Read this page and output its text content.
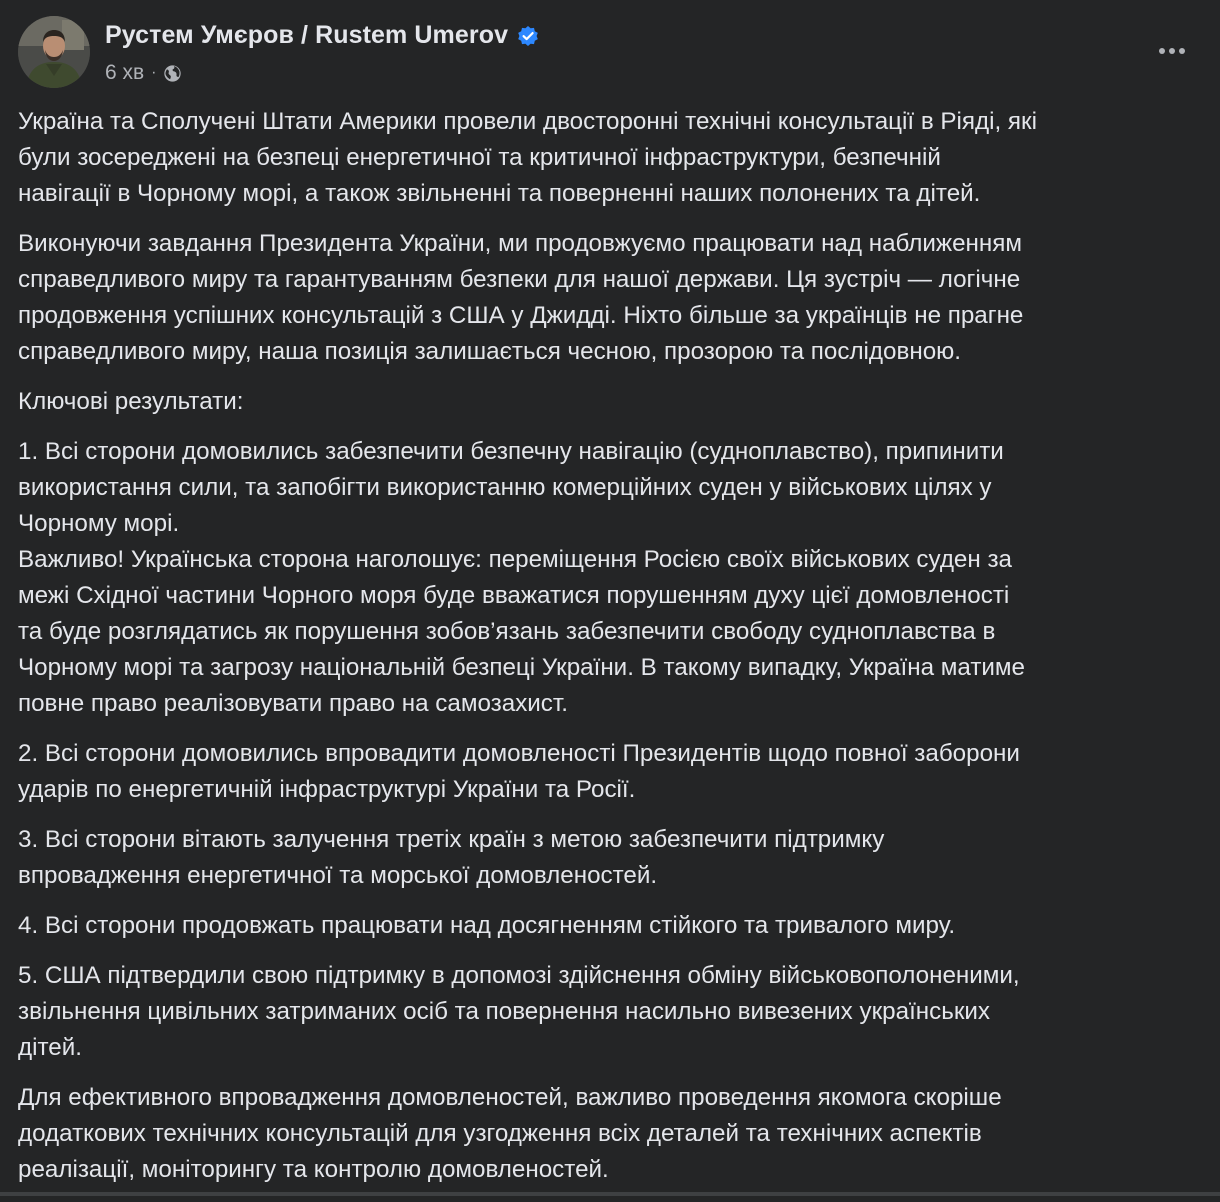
Рустем Умєров / Rustem Umerov
6 хв ·

Україна та Сполучені Штати Америки провели двосторонні технічні консультації в Ріяді, які
були зосереджені на безпеці енергетичної та критичної інфраструктури, безпечній
навігації в Чорному морі, а також звільненні та поверненні наших полонених та дітей.

Виконуючи завдання Президента України, ми продовжуємо працювати над наближенням
справедливого миру та гарантуванням безпеки для нашої держави. Ця зустріч — логічне
продовження успішних консультацій з США у Джидді. Ніхто більше за українців не прагне
справедливого миру, наша позиція залишається чесною, прозорою та послідовною.

Ключові результати:

1. Всі сторони домовились забезпечити безпечну навігацію (судноплавство), припинити
використання сили, та запобігти використанню комерційних суден у військових цілях у
Чорному морі.
Важливо! Українська сторона наголошує: переміщення Росією своїх військових суден за
межі Східної частини Чорного моря буде вважатися порушенням духу цієї домовленості
та буде розглядатись як порушення зобов’язань забезпечити свободу судноплавства в
Чорному морі та загрозу національній безпеці України. В такому випадку, Україна матиме
повне право реалізовувати право на самозахист.

2. Всі сторони домовились впровадити домовленості Президентів щодо повної заборони
ударів по енергетичній інфраструктурі України та Росії.

3. Всі сторони вітають залучення третіх країн з метою забезпечити підтримку
впровадження енергетичної та морської домовленостей.

4. Всі сторони продовжать працювати над досягненням стійкого та тривалого миру.

5. США підтвердили свою підтримку в допомозі здійснення обміну військовополоненими,
звільнення цивільних затриманих осіб та повернення насильно вивезених українських
дітей.

Для ефективного впровадження домовленостей, важливо проведення якомога скоріше
додаткових технічних консультацій для узгодження всіх деталей та технічних аспектів
реалізації, моніторингу та контролю домовленостей.
